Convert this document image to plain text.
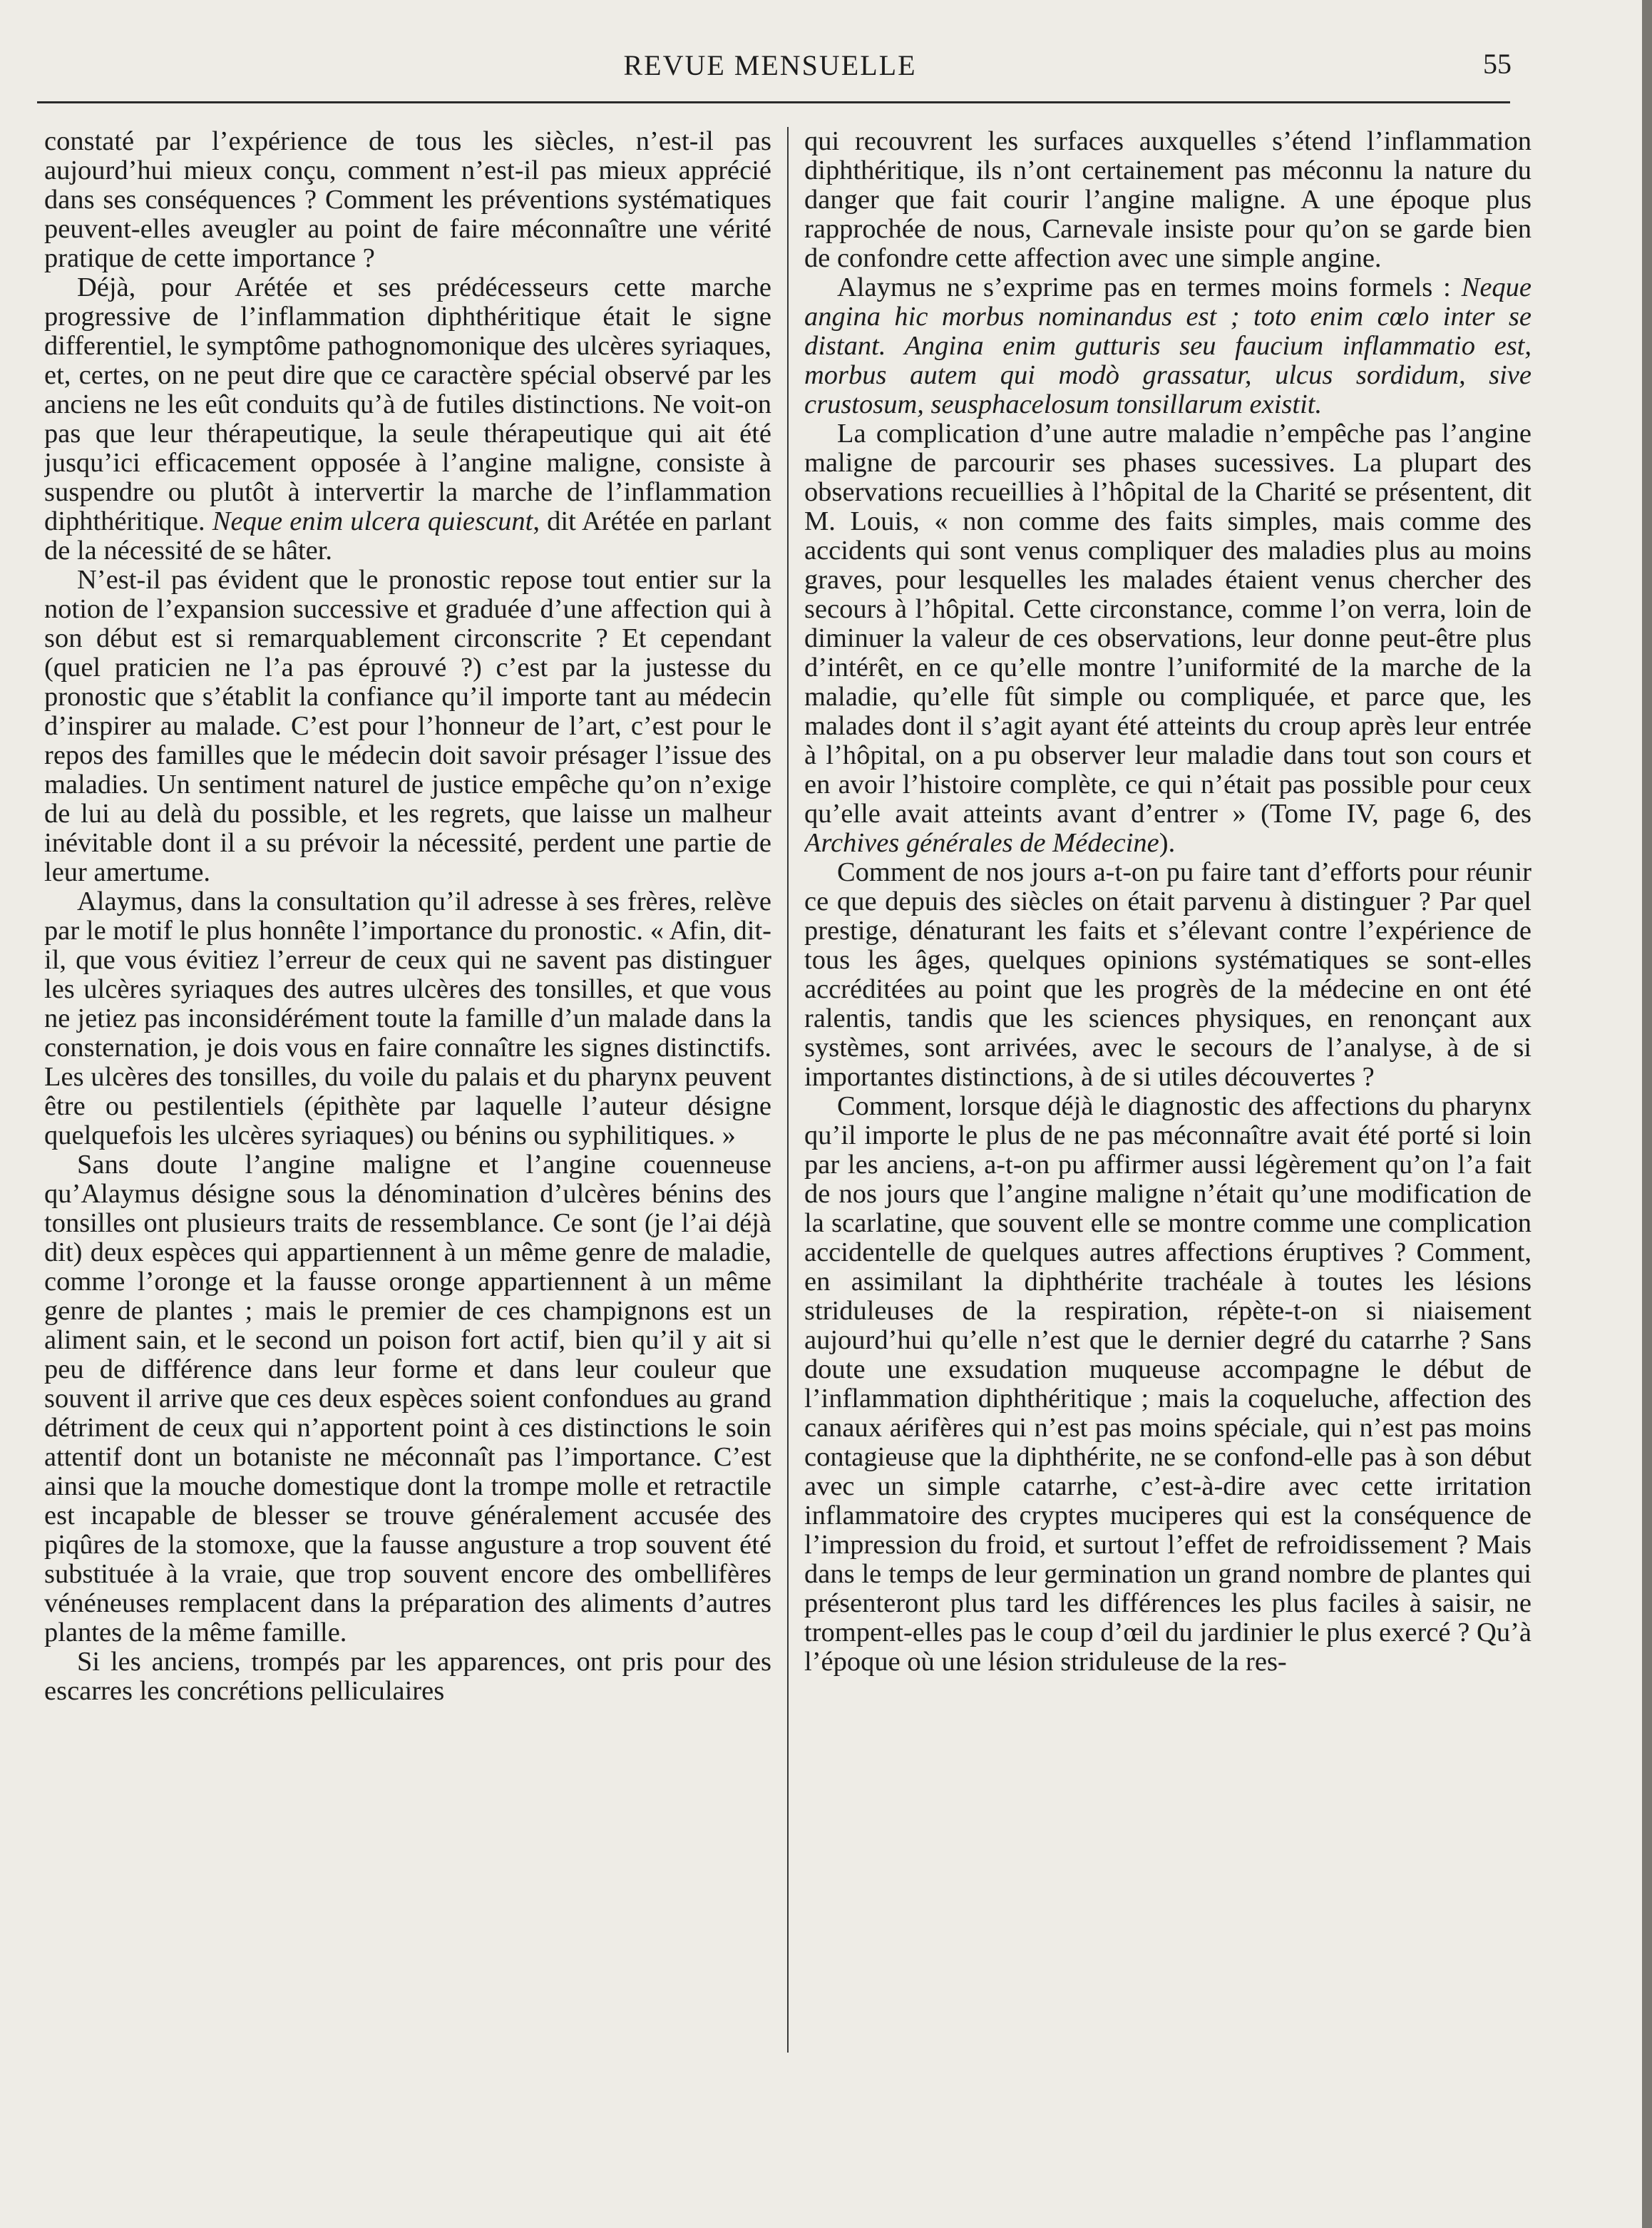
REVUE MENSUELLE	55

constaté par l’expérience de tous les siècles, n’est-il pas aujourd’hui mieux conçu, comment n’est-il pas mieux apprécié dans ses conséquences ? Comment les préventions systématiques peuvent-elles aveugler au point de faire méconnaître une vérité pratique de cette importance ?

Déjà, pour Arétée et ses prédécesseurs cette marche progressive de l’inflammation diphthéritique était le signe differentiel, le symptôme pathognomonique des ulcères syriaques, et, certes, on ne peut dire que ce caractère spécial observé par les anciens ne les eût conduits qu’à de futiles distinctions. Ne voit-on pas que leur thérapeutique, la seule thérapeutique qui ait été jusqu’ici efficacement opposée à l’angine maligne, consiste à suspendre ou plutôt à intervertir la marche de l’inflammation diphthéritique. Neque enim ulcera quiescunt, dit Arétée en parlant de la nécessité de se hâter.

N’est-il pas évident que le pronostic repose tout entier sur la notion de l’expansion successive et graduée d’une affection qui à son début est si remarquablement circonscrite ? Et cependant (quel praticien ne l’a pas éprouvé ?) c’est par la justesse du pronostic que s’établit la confiance qu’il importe tant au médecin d’inspirer au malade. C’est pour l’honneur de l’art, c’est pour le repos des familles que le médecin doit savoir présager l’issue des maladies. Un sentiment naturel de justice empêche qu’on n’exige de lui au delà du possible, et les regrets, que laisse un malheur inévitable dont il a su prévoir la nécessité, perdent une partie de leur amertume.

Alaymus, dans la consultation qu’il adresse à ses frères, relève par le motif le plus honnête l’importance du pronostic. « Afin, dit-il, que vous évitiez l’erreur de ceux qui ne savent pas distinguer les ulcères syriaques des autres ulcères des tonsilles, et que vous ne jetiez pas inconsidérément toute la famille d’un malade dans la consternation, je dois vous en faire connaître les signes distinctifs. Les ulcères des tonsilles, du voile du palais et du pharynx peuvent être ou pestilentiels (épithète par laquelle l’auteur désigne quelquefois les ulcères syriaques) ou bénins ou syphilitiques. »

Sans doute l’angine maligne et l’angine couenneuse qu’Alaymus désigne sous la dénomination d’ulcères bénins des tonsilles ont plusieurs traits de ressemblance. Ce sont (je l’ai déjà dit) deux espèces qui appartiennent à un même genre de maladie, comme l’oronge et la fausse oronge appartiennent à un même genre de plantes ; mais le premier de ces champignons est un aliment sain, et le second un poison fort actif, bien qu’il y ait si peu de différence dans leur forme et dans leur couleur que souvent il arrive que ces deux espèces soient confondues au grand détriment de ceux qui n’apportent point à ces distinctions le soin attentif dont un botaniste ne méconnaît pas l’importance. C’est ainsi que la mouche domestique dont la trompe molle et retractile est incapable de blesser se trouve généralement accusée des piqûres de la stomoxe, que la fausse angusture a trop souvent été substituée à la vraie, que trop souvent encore des ombellifères vénéneuses remplacent dans la préparation des aliments d’autres plantes de la même famille.

Si les anciens, trompés par les apparences, ont pris pour des escarres les concrétions pelliculaires

qui recouvrent les surfaces auxquelles s’étend l’inflammation diphthéritique, ils n’ont certainement pas méconnu la nature du danger que fait courir l’angine maligne. A une époque plus rapprochée de nous, Carnevale insiste pour qu’on se garde bien de confondre cette affection avec une simple angine.

Alaymus ne s’exprime pas en termes moins formels : Neque angina hic morbus nominandus est ; toto enim cœlo inter se distant. Angina enim gutturis seu faucium inflammatio est, morbus autem qui modò grassatur, ulcus sordidum, sive crustosum, seusphacelosum tonsillarum existit.

La complication d’une autre maladie n’empêche pas l’angine maligne de parcourir ses phases sucessives. La plupart des observations recueillies à l’hôpital de la Charité se présentent, dit M. Louis, « non comme des faits simples, mais comme des accidents qui sont venus compliquer des maladies plus au moins graves, pour lesquelles les malades étaient venus chercher des secours à l’hôpital. Cette circonstance, comme l’on verra, loin de diminuer la valeur de ces observations, leur donne peut-être plus d’intérêt, en ce qu’elle montre l’uniformité de la marche de la maladie, qu’elle fût simple ou compliquée, et parce que, les malades dont il s’agit ayant été atteints du croup après leur entrée à l’hôpital, on a pu observer leur maladie dans tout son cours et en avoir l’histoire complète, ce qui n’était pas possible pour ceux qu’elle avait atteints avant d’entrer » (Tome IV, page 6, des Archives générales de Médecine).

Comment de nos jours a-t-on pu faire tant d’efforts pour réunir ce que depuis des siècles on était parvenu à distinguer ? Par quel prestige, dénaturant les faits et s’élevant contre l’expérience de tous les âges, quelques opinions systématiques se sont-elles accréditées au point que les progrès de la médecine en ont été ralentis, tandis que les sciences physiques, en renonçant aux systèmes, sont arrivées, avec le secours de l’analyse, à de si importantes distinctions, à de si utiles découvertes ?

Comment, lorsque déjà le diagnostic des affections du pharynx qu’il importe le plus de ne pas méconnaître avait été porté si loin par les anciens, a-t-on pu affirmer aussi légèrement qu’on l’a fait de nos jours que l’angine maligne n’était qu’une modification de la scarlatine, que souvent elle se montre comme une complication accidentelle de quelques autres affections éruptives ? Comment, en assimilant la diphthérite trachéale à toutes les lésions striduleuses de la respiration, répète-t-on si niaisement aujourd’hui qu’elle n’est que le dernier degré du catarrhe ? Sans doute une exsudation muqueuse accompagne le début de l’inflammation diphthéritique ; mais la coqueluche, affection des canaux aérifères qui n’est pas moins spéciale, qui n’est pas moins contagieuse que la diphthérite, ne se confond-elle pas à son début avec un simple catarrhe, c’est-à-dire avec cette irritation inflammatoire des cryptes muciperes qui est la conséquence de l’impression du froid, et surtout l’effet de refroidissement ? Mais dans le temps de leur germination un grand nombre de plantes qui présenteront plus tard les différences les plus faciles à saisir, ne trompent-elles pas le coup d’œil du jardinier le plus exercé ? Qu’à l’époque où une lésion striduleuse de la res-
